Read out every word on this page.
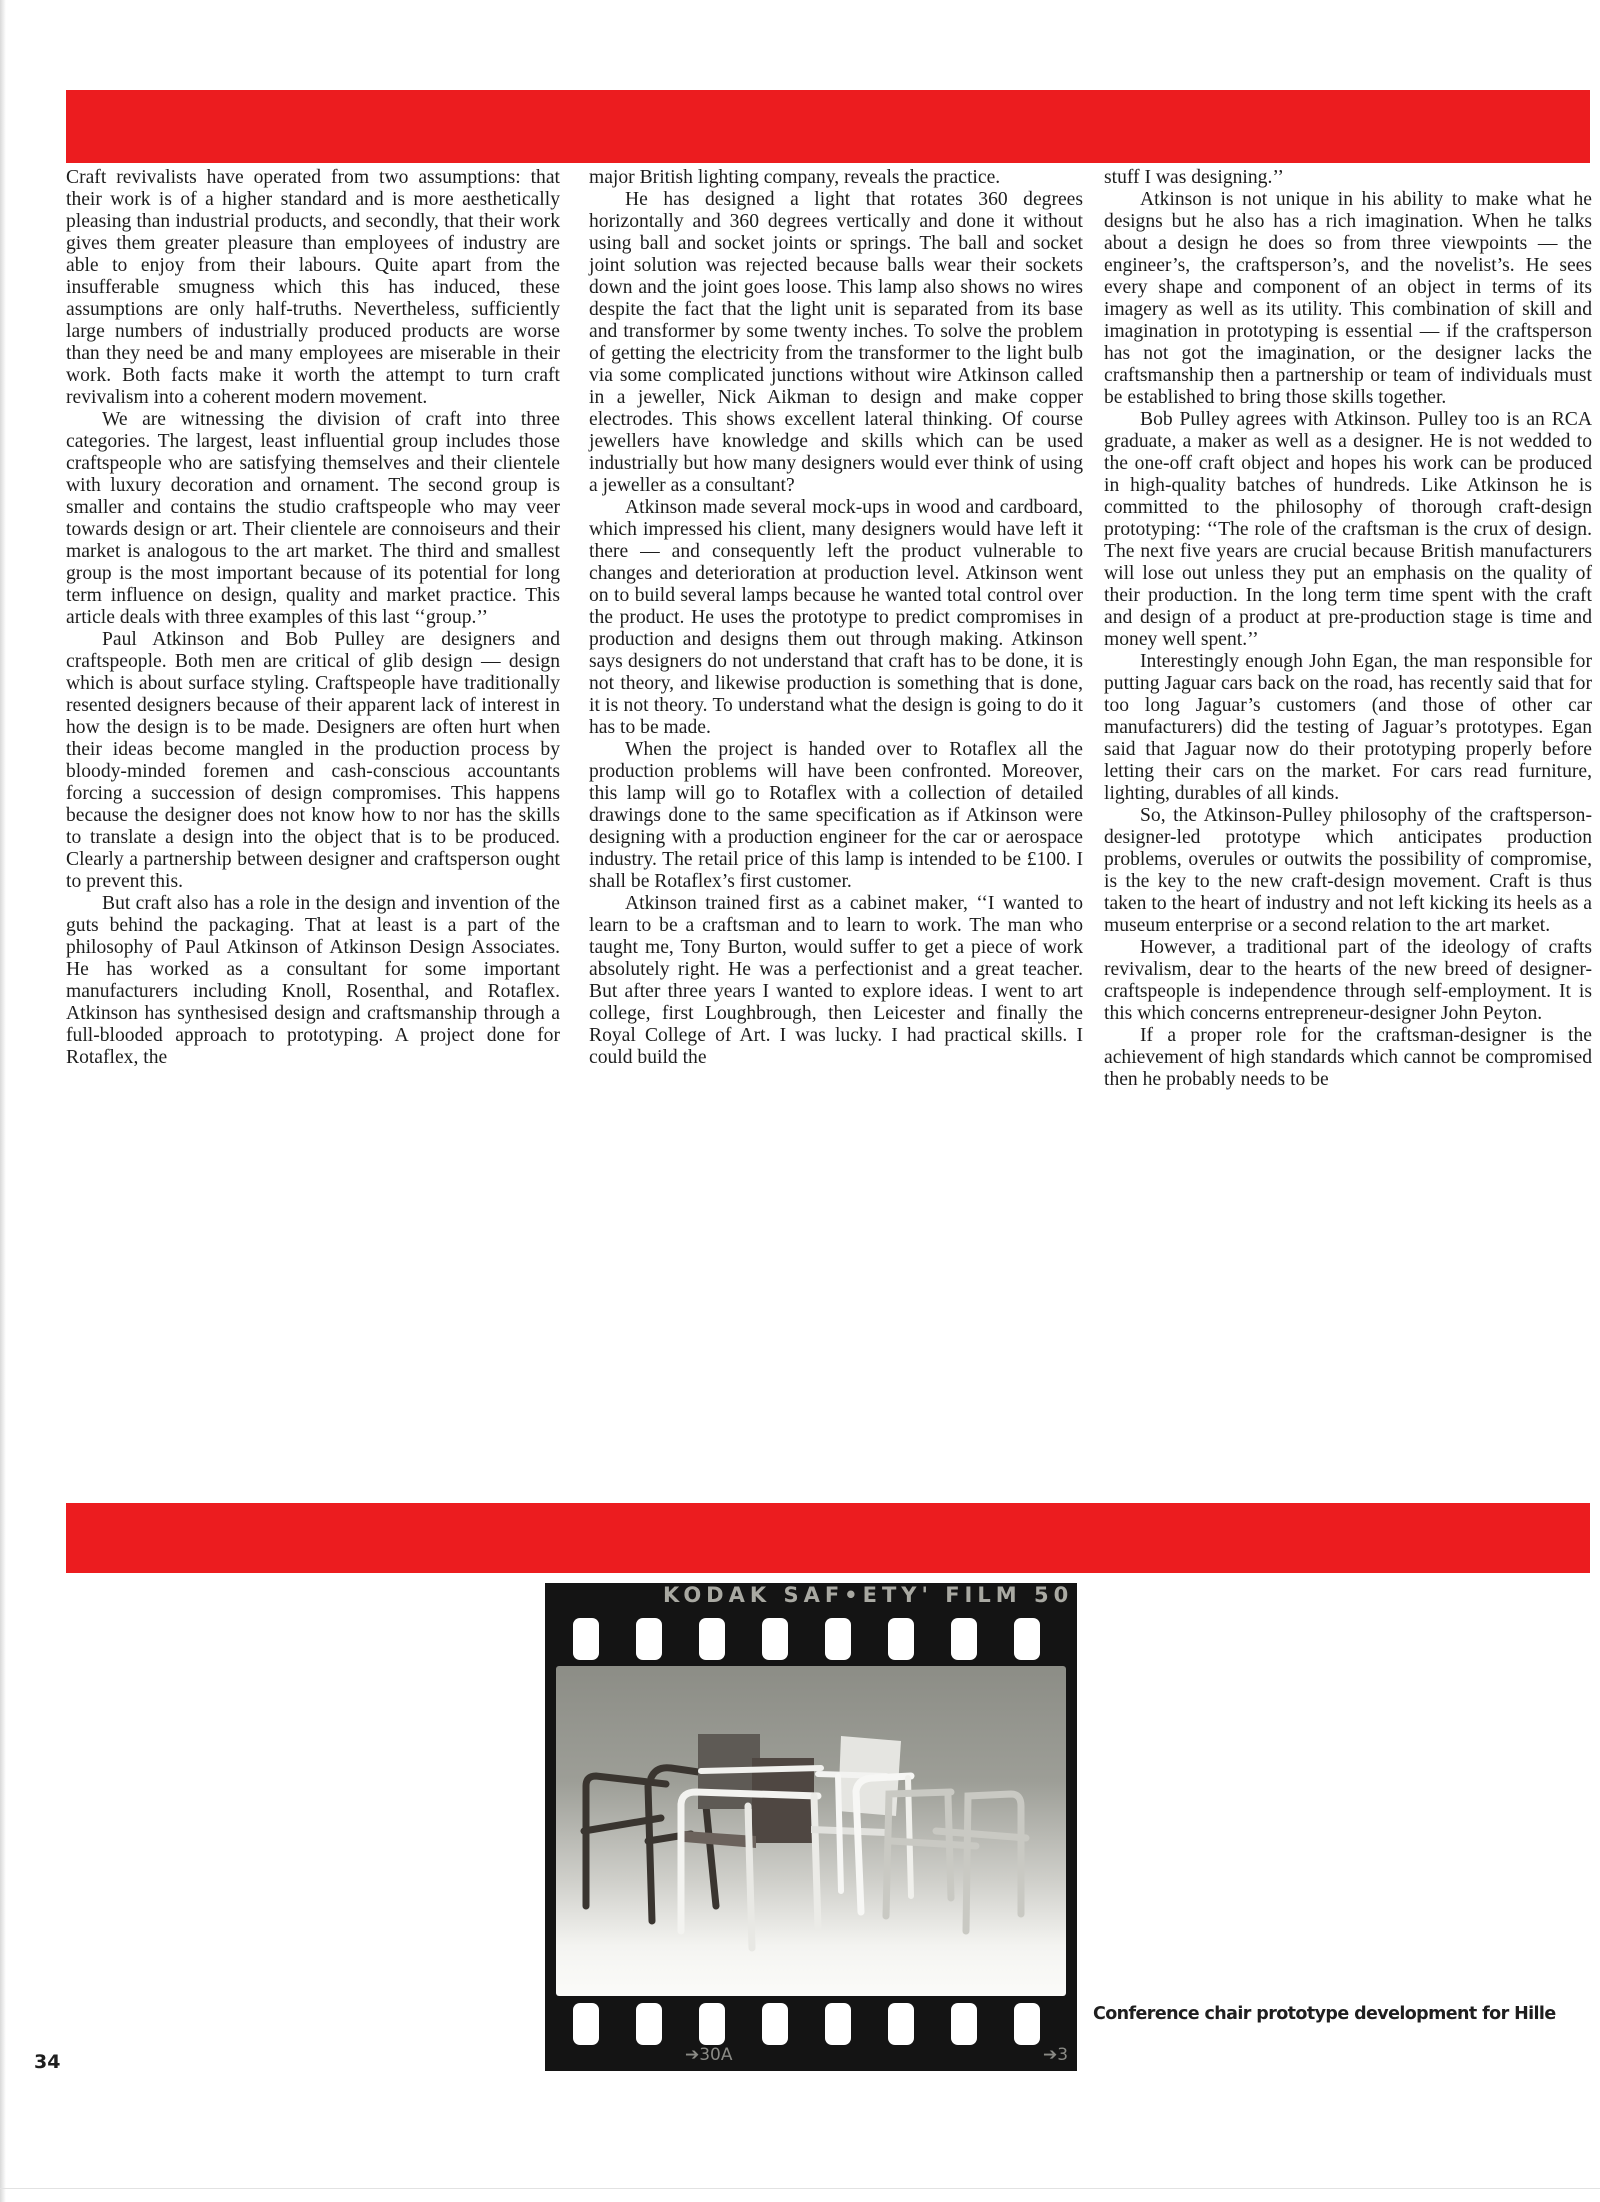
Craft revivalists have operated from two assumptions: that their work is of a higher standard and is more aesthetically pleasing than industrial products, and secondly, that their work gives them greater pleasure than employees of industry are able to enjoy from their labours. Quite apart from the insufferable smugness which this has induced, these assumptions are only half-truths. Nevertheless, sufficiently large numbers of industrially produced products are worse than they need be and many employees are miserable in their work. Both facts make it worth the attempt to turn craft revivalism into a coherent modern movement.

We are witnessing the division of craft into three categories. The largest, least influential group includes those craftspeople who are satisfying themselves and their clientele with luxury decoration and ornament. The second group is smaller and contains the studio craftspeople who may veer towards design or art. Their clientele are connoiseurs and their market is analogous to the art market. The third and smallest group is the most important because of its potential for long term influence on design, quality and market practice. This article deals with three examples of this last ‘‘group.’’

Paul Atkinson and Bob Pulley are designers and craftspeople. Both men are critical of glib design — design which is about surface styling. Craftspeople have traditionally resented designers because of their apparent lack of interest in how the design is to be made. Designers are often hurt when their ideas become mangled in the production process by bloody-minded foremen and cash-conscious accountants forcing a succession of design compromises. This happens because the designer does not know how to nor has the skills to translate a design into the object that is to be produced. Clearly a partnership between designer and craftsperson ought to prevent this.

But craft also has a role in the design and invention of the guts behind the packaging. That at least is a part of the philosophy of Paul Atkinson of Atkinson Design Associates. He has worked as a consultant for some important manufacturers including Knoll, Rosenthal, and Rotaflex. Atkinson has synthesised design and craftsmanship through a full-blooded approach to prototyping. A project done for Rotaflex, the

major British lighting company, reveals the practice.

He has designed a light that rotates 360 degrees horizontally and 360 degrees vertically and done it without using ball and socket joints or springs. The ball and socket joint solution was rejected because balls wear their sockets down and the joint goes loose. This lamp also shows no wires despite the fact that the light unit is separated from its base and transformer by some twenty inches. To solve the problem of getting the electricity from the transformer to the light bulb via some complicated junctions without wire Atkinson called in a jeweller, Nick Aikman to design and make copper electrodes. This shows excellent lateral thinking. Of course jewellers have knowledge and skills which can be used industrially but how many designers would ever think of using a jeweller as a consultant?

Atkinson made several mock-ups in wood and cardboard, which impressed his client, many designers would have left it there — and consequently left the product vulnerable to changes and deterioration at production level. Atkinson went on to build several lamps because he wanted total control over the product. He uses the prototype to predict compromises in production and designs them out through making. Atkinson says designers do not understand that craft has to be done, it is not theory, and likewise production is something that is done, it is not theory. To understand what the design is going to do it has to be made.

When the project is handed over to Rotaflex all the production problems will have been confronted. Moreover, this lamp will go to Rotaflex with a collection of detailed drawings done to the same specification as if Atkinson were designing with a production engineer for the car or aerospace industry. The retail price of this lamp is intended to be £100. I shall be Rotaflex’s first customer.

Atkinson trained first as a cabinet maker, ‘‘I wanted to learn to be a craftsman and to learn to work. The man who taught me, Tony Burton, would suffer to get a piece of work absolutely right. He was a perfectionist and a great teacher. But after three years I wanted to explore ideas. I went to art college, first Loughbrough, then Leicester and finally the Royal College of Art. I was lucky. I had practical skills. I could build the

stuff I was designing.’’

Atkinson is not unique in his ability to make what he designs but he also has a rich imagination. When he talks about a design he does so from three viewpoints — the engineer’s, the craftsperson’s, and the novelist’s. He sees every shape and component of an object in terms of its imagery as well as its utility. This combination of skill and imagination in prototyping is essential — if the craftsperson has not got the imagination, or the designer lacks the craftsmanship then a partnership or team of individuals must be established to bring those skills together.

Bob Pulley agrees with Atkinson. Pulley too is an RCA graduate, a maker as well as a designer. He is not wedded to the one-off craft object and hopes his work can be produced in high-quality batches of hundreds. Like Atkinson he is committed to the philosophy of thorough craft-design prototyping: ‘‘The role of the craftsman is the crux of design. The next five years are crucial because British manufacturers will lose out unless they put an emphasis on the quality of their production. In the long term time spent with the craft and design of a product at pre-production stage is time and money well spent.’’

Interestingly enough John Egan, the man responsible for putting Jaguar cars back on the road, has recently said that for too long Jaguar’s customers (and those of other car manufacturers) did the testing of Jaguar’s prototypes. Egan said that Jaguar now do their prototyping properly before letting their cars on the market. For cars read furniture, lighting, durables of all kinds.

So, the Atkinson-Pulley philosophy of the craftsperson-designer-led prototype which anticipates production problems, overules or outwits the possibility of compromise, is the key to the new craft-design movement. Craft is thus taken to the heart of industry and not left kicking its heels as a museum enterprise or a second relation to the art market.

However, a traditional part of the ideology of crafts revivalism, dear to the hearts of the new breed of designer-craftspeople is independence through self-employment. It is this which concerns entrepreneur-designer John Peyton.

If a proper role for the craftsman-designer is the achievement of high standards which cannot be compromised then he probably needs to be

KODAK SAF•ETY' FILM 50
➔30A	➔3
Conference chair prototype development for Hille
34
